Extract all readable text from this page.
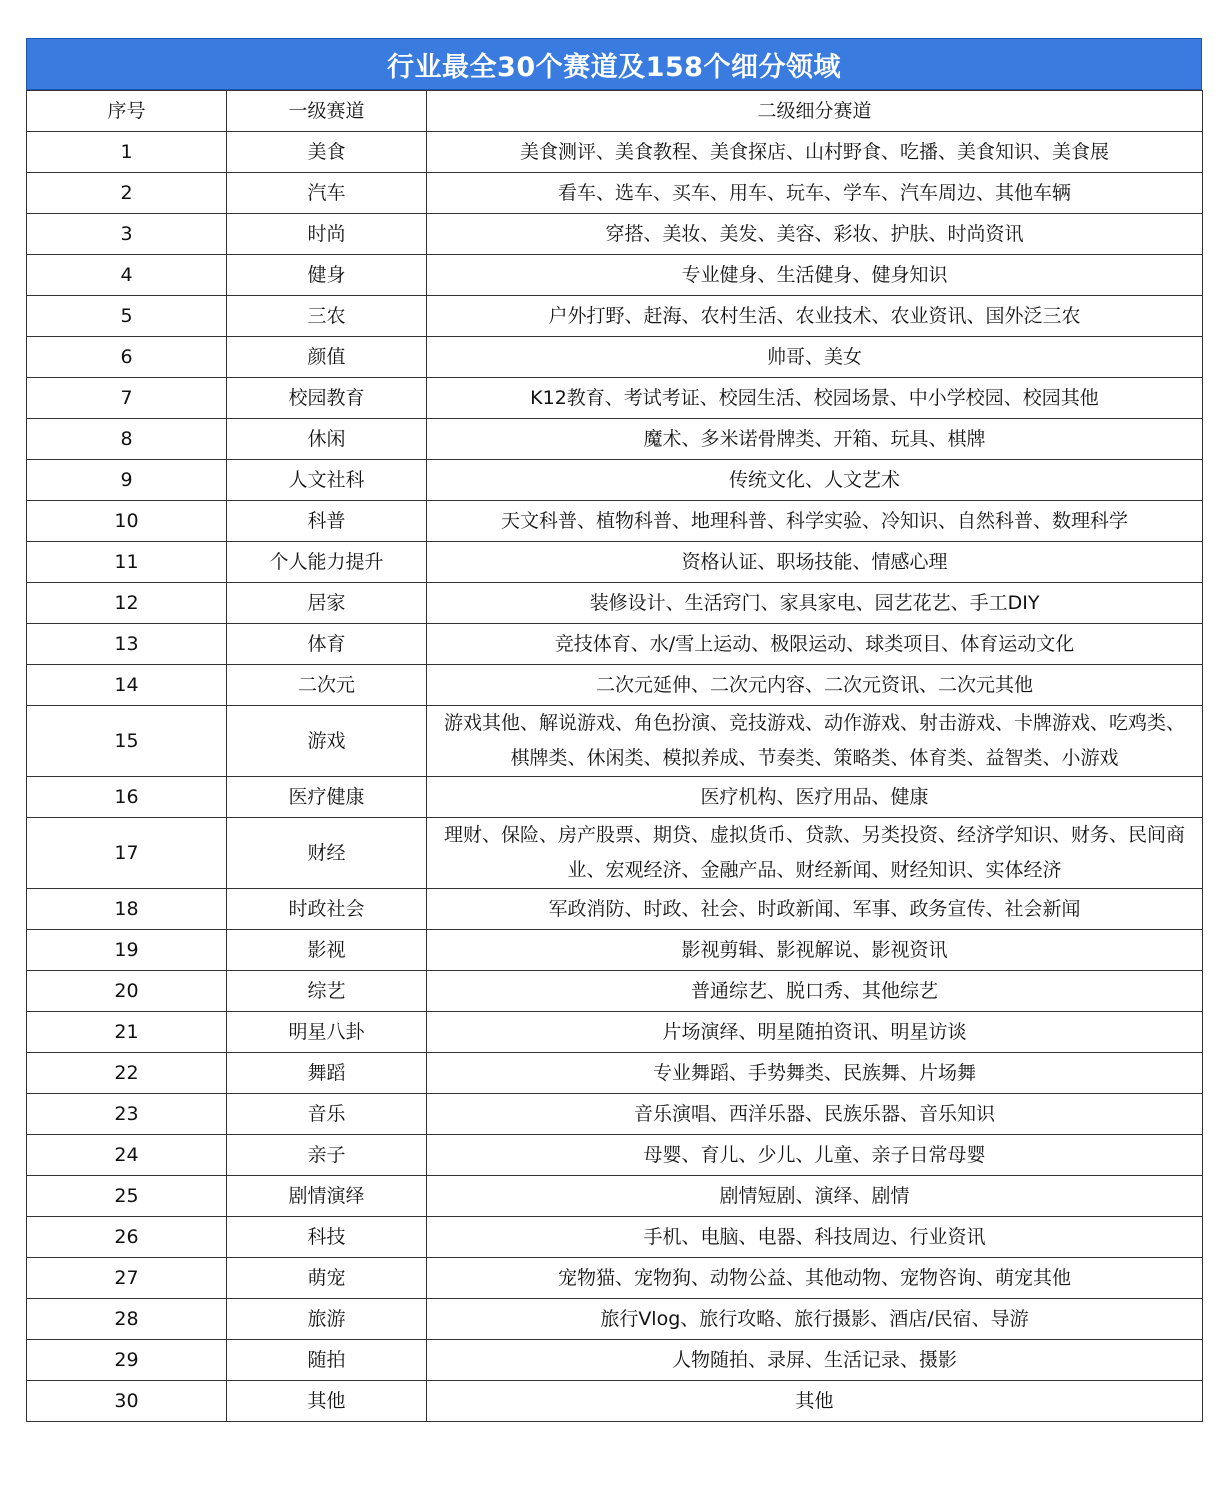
行业最全30个赛道及158个细分领域
序号	一级赛道	二级细分赛道
1	美食	美食测评、美食教程、美食探店、山村野食、吃播、美食知识、美食展
2	汽车	看车、选车、买车、用车、玩车、学车、汽车周边、其他车辆
3	时尚	穿搭、美妆、美发、美容、彩妆、护肤、时尚资讯
4	健身	专业健身、生活健身、健身知识
5	三农	户外打野、赶海、农村生活、农业技术、农业资讯、国外泛三农
6	颜值	帅哥、美女
7	校园教育	K12教育、考试考证、校园生活、校园场景、中小学校园、校园其他
8	休闲	魔术、多米诺骨牌类、开箱、玩具、棋牌
9	人文社科	传统文化、人文艺术
10	科普	天文科普、植物科普、地理科普、科学实验、冷知识、自然科普、数理科学
11	个人能力提升	资格认证、职场技能、情感心理
12	居家	装修设计、生活窍门、家具家电、园艺花艺、手工DIY
13	体育	竞技体育、水/雪上运动、极限运动、球类项目、体育运动文化
14	二次元	二次元延伸、二次元内容、二次元资讯、二次元其他
15	游戏	游戏其他、解说游戏、角色扮演、竞技游戏、动作游戏、射击游戏、卡牌游戏、吃鸡类、棋牌类、休闲类、模拟养成、节奏类、策略类、体育类、益智类、小游戏
16	医疗健康	医疗机构、医疗用品、健康
17	财经	理财、保险、房产股票、期贷、虚拟货币、贷款、另类投资、经济学知识、财务、民间商业、宏观经济、金融产品、财经新闻、财经知识、实体经济
18	时政社会	军政消防、时政、社会、时政新闻、军事、政务宣传、社会新闻
19	影视	影视剪辑、影视解说、影视资讯
20	综艺	普通综艺、脱口秀、其他综艺
21	明星八卦	片场演绎、明星随拍资讯、明星访谈
22	舞蹈	专业舞蹈、手势舞类、民族舞、片场舞
23	音乐	音乐演唱、西洋乐器、民族乐器、音乐知识
24	亲子	母婴、育儿、少儿、儿童、亲子日常母婴
25	剧情演绎	剧情短剧、演绎、剧情
26	科技	手机、电脑、电器、科技周边、行业资讯
27	萌宠	宠物猫、宠物狗、动物公益、其他动物、宠物咨询、萌宠其他
28	旅游	旅行Vlog、旅行攻略、旅行摄影、酒店/民宿、导游
29	随拍	人物随拍、录屏、生活记录、摄影
30	其他	其他
